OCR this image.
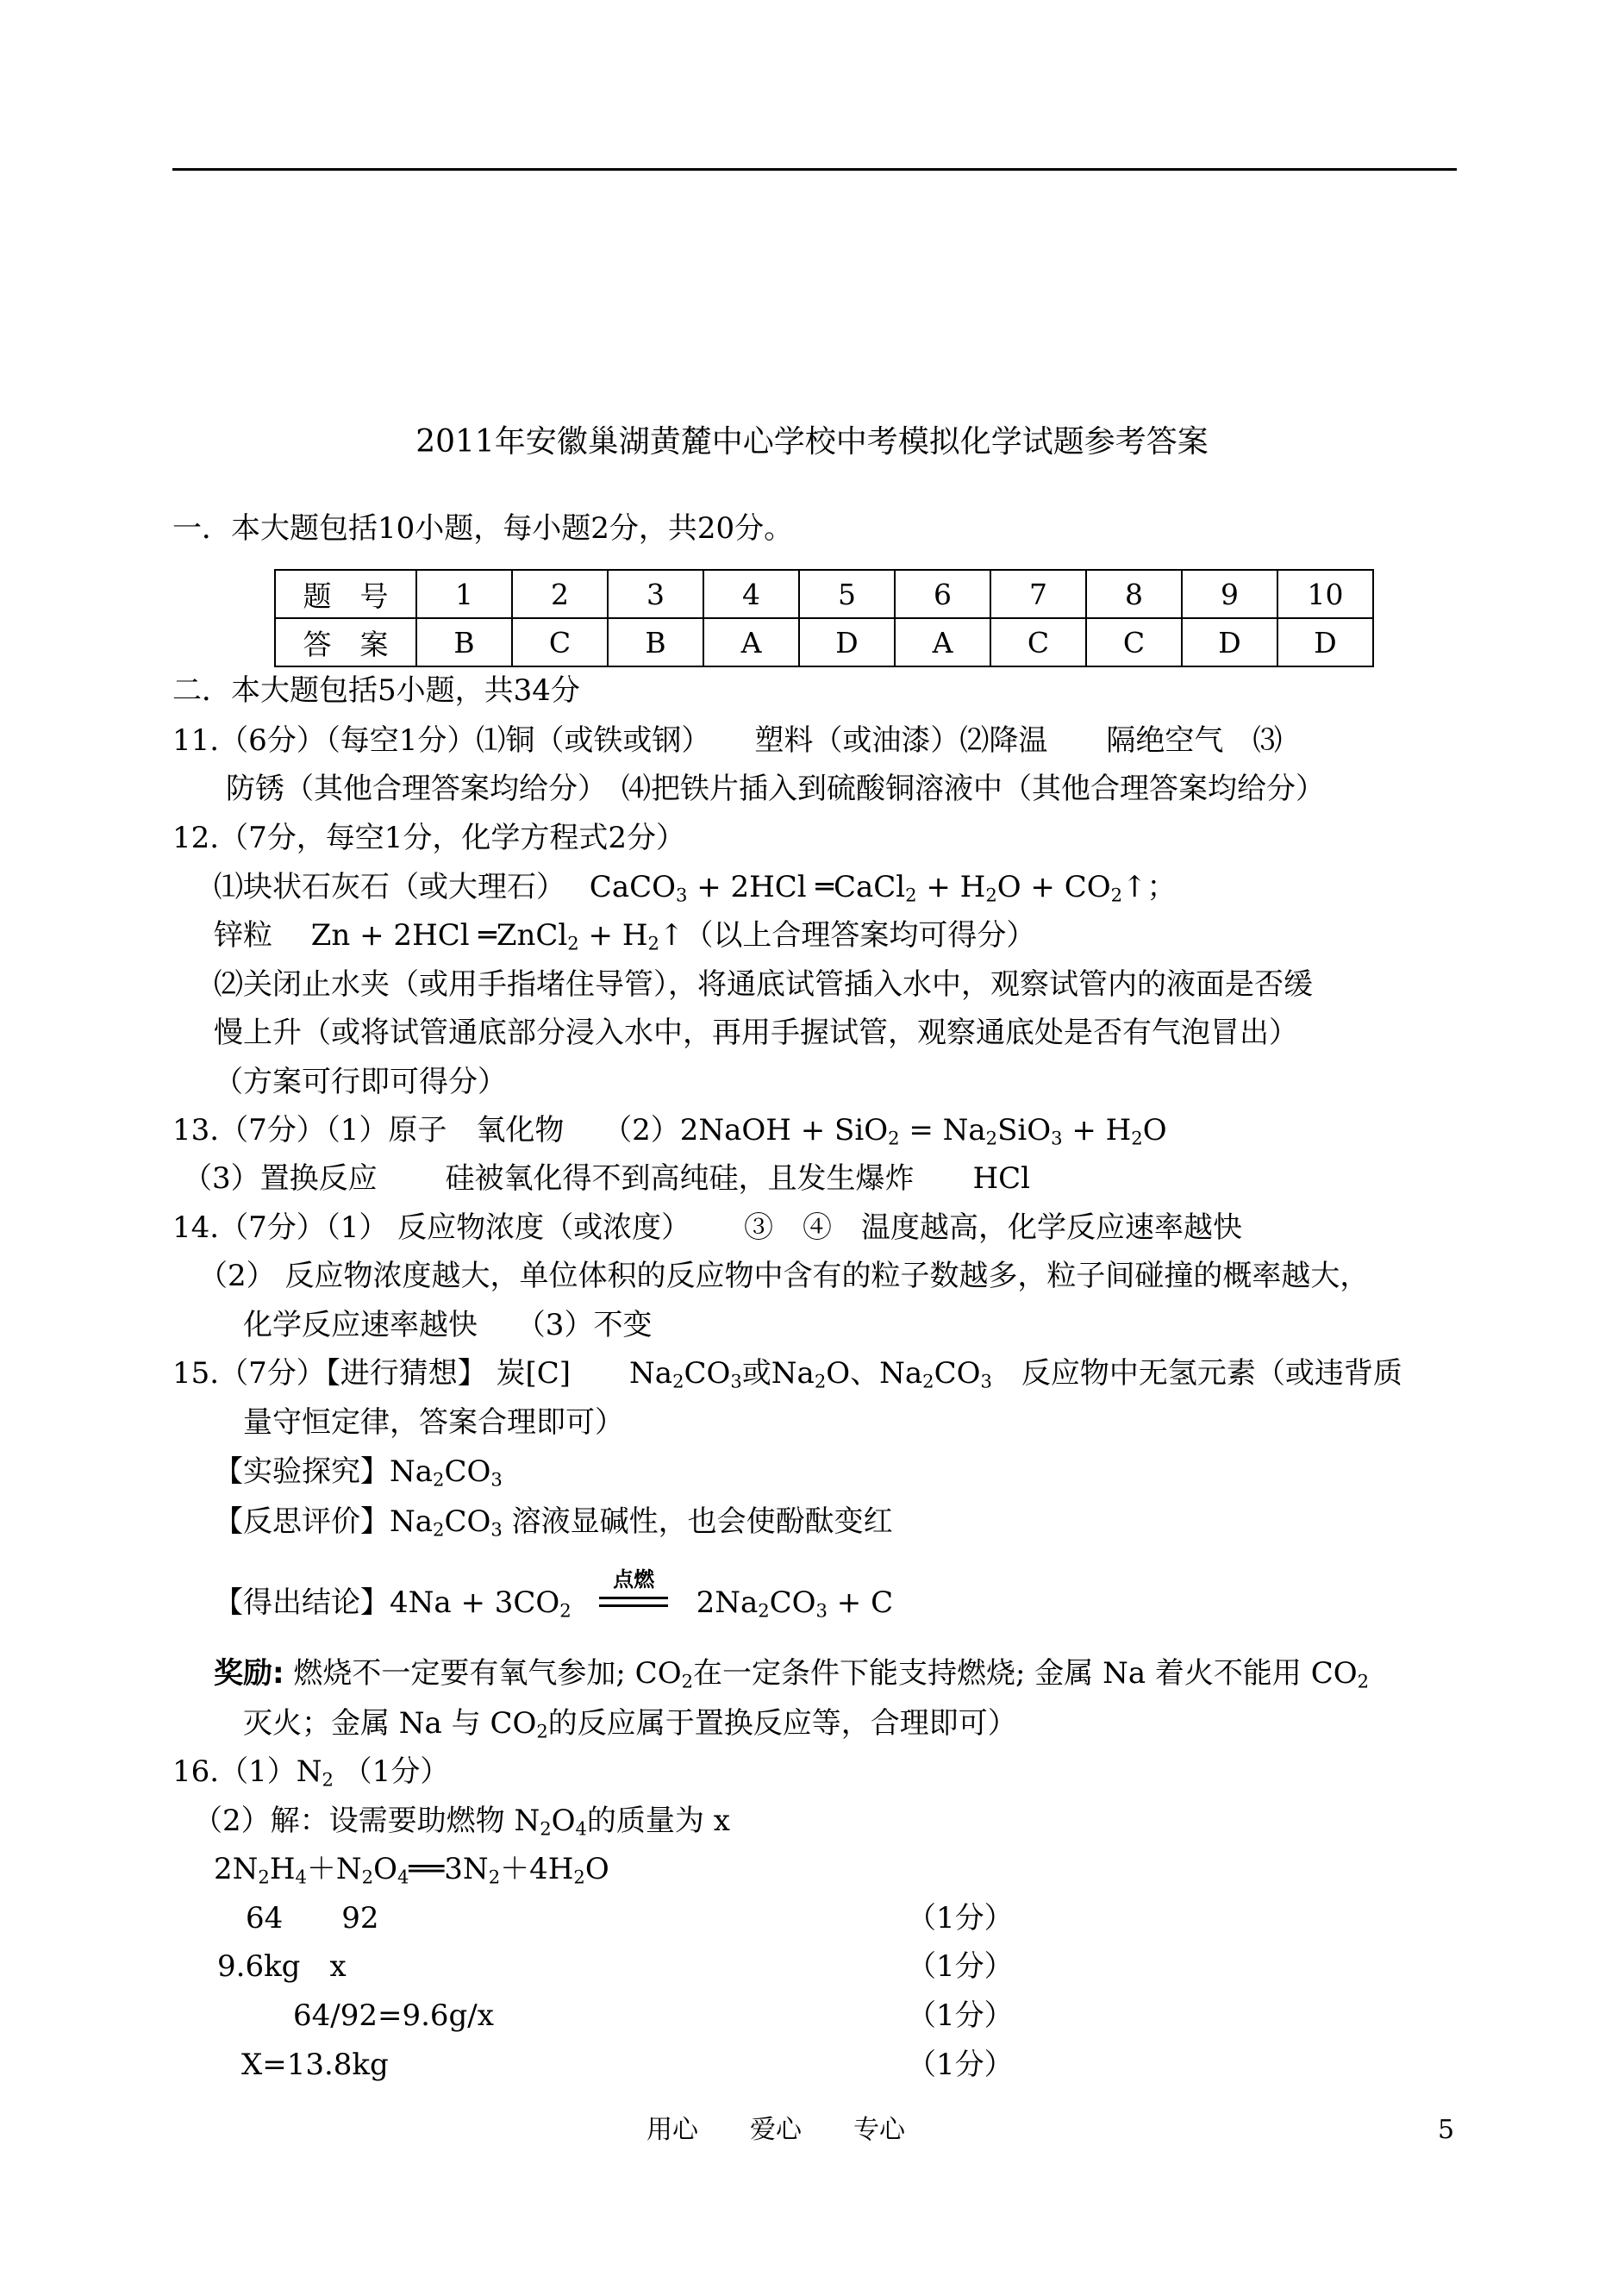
2011年安徽巢湖黄麓中心学校中考模拟化学试题参考答案
一．本大题包括10小题，每小题2分，共20分。
题　号	1	2	3	4	5	6	7	8	9	10
答　案	B	C	B	A	D	A	C	C	D	D
二．本大题包括5小题，共34分
11.（6分）（每空1分）⑴铜（或铁或钢）　　塑料（或油漆）⑵降温　　隔绝空气　⑶
防锈（其他合理答案均给分）　⑷把铁片插入到硫酸铜溶液中（其他合理答案均给分）
12.（7分，每空1分，化学方程式2分）
⑴块状石灰石（或大理石）　 CaCO$_3$ + 2HCl ═CaCl$_2$ + $H_2O$ + $CO_2↑$；
锌粒　 Zn + 2HCl ═ZnCl$_2$ + $H_2↑$（以上合理答案均可得分）
⑵关闭止水夹（或用手指堵住导管），将通底试管插入水中，观察试管内的液面是否缓
慢上升（或将试管通底部分浸入水中，再用手握试管，观察通底处是否有气泡冒出）
（方案可行即可得分）
13.（7分）（1）原子　氧化物　 （2）2NaOH + $SiO_2 = Na_2SiO_3 + H_2O$
（3）置换反应　　 硅被氧化得不到高纯硅，且发生爆炸　　HCl
14.（7分）（1） 反应物浓度（或浓度）　　 ③　④　温度越高，化学反应速率越快
（2） 反应物浓度越大，单位体积的反应物中含有的粒子数越多，粒子间碰撞的概率越大，
化学反应速率越快　 （3）不变
15.（7分）【进行猜想】 炭[C]　　$Na_2CO_3$或$Na_2O$、$Na_2CO_3$　反应物中无氢元素（或违背质
量守恒定律，答案合理即可）
【实验探究】$Na_2CO_3$
【反思评价】$Na_2CO_3$ 溶液显碱性，也会使酚酞变红
【得出结论】$4Na + 3CO_2$
点燃
$2Na_2CO_3 + C$
奖励: 燃烧不一定要有氧气参加; $CO_2$在一定条件下能支持燃烧; 金属 Na 着火不能用 $CO_2$
灭火；金属 Na 与 $CO_2$的反应属于置换反应等，合理即可）
$16.(1)N_2$ （1分）
（2）解：设需要助燃物 $N_2O_4$的质量为 x
$2N_2H_4+N_2O_4══3N_2+4H_2O$
64　　92	（1分）
9.6kg　x	（1分）
64/92=9.6g/x	（1分）
X=13.8kg	（1分）
用心　　爱心　　专心	5
